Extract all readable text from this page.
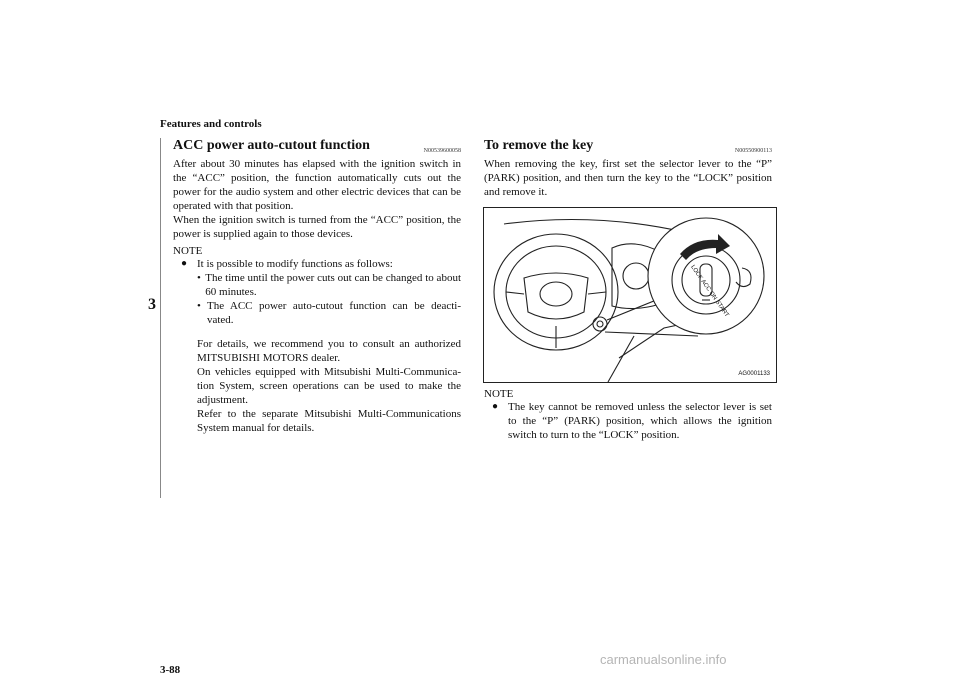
Features and controls
3
ACC power auto-cutout function	N00539600058
After about 30 minutes has elapsed with the ignition switch in the “ACC” position, the function automatically cuts out the power for the audio system and other electric devices that can be operated with that position.
When the ignition switch is turned from the “ACC” position, the power is supplied again to those devices.
NOTE
● It is possible to modify functions as follows:
• The time until the power cuts out can be changed to about 60 minutes.
• The ACC power auto-cutout function can be deacti-vated.
For details, we recommend you to consult an authorized MITSUBISHI MOTORS dealer.
On vehicles equipped with Mitsubishi Multi-Communica-tion System, screen operations can be used to make the adjustment.
Refer to the separate Mitsubishi Multi-Communications System manual for details.
To remove the key	N00550900113
When removing the key, first set the selector lever to the “P” (PARK) position, and then turn the key to the “LOCK” position and remove it.
LOCK ACC ON START
AG0001133
NOTE
● The key cannot be removed unless the selector lever is set to the “P” (PARK) position, which allows the ignition switch to turn to the “LOCK” position.
3-88
carmanualsonline.info
